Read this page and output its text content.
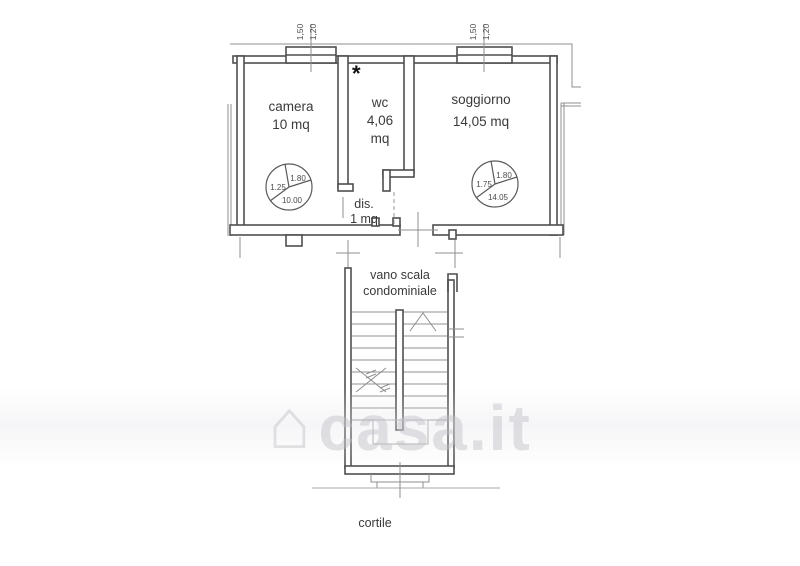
1,50 1,20	1,50 1,20
camera
10 mq
wc
4,06
mq
soggiorno
14,05 mq
dis.
1 mq
*
vano scala
condominiale
cortile
1.25
1.80
10.00
1.75
1.80
14.05
⌂ casa.it
